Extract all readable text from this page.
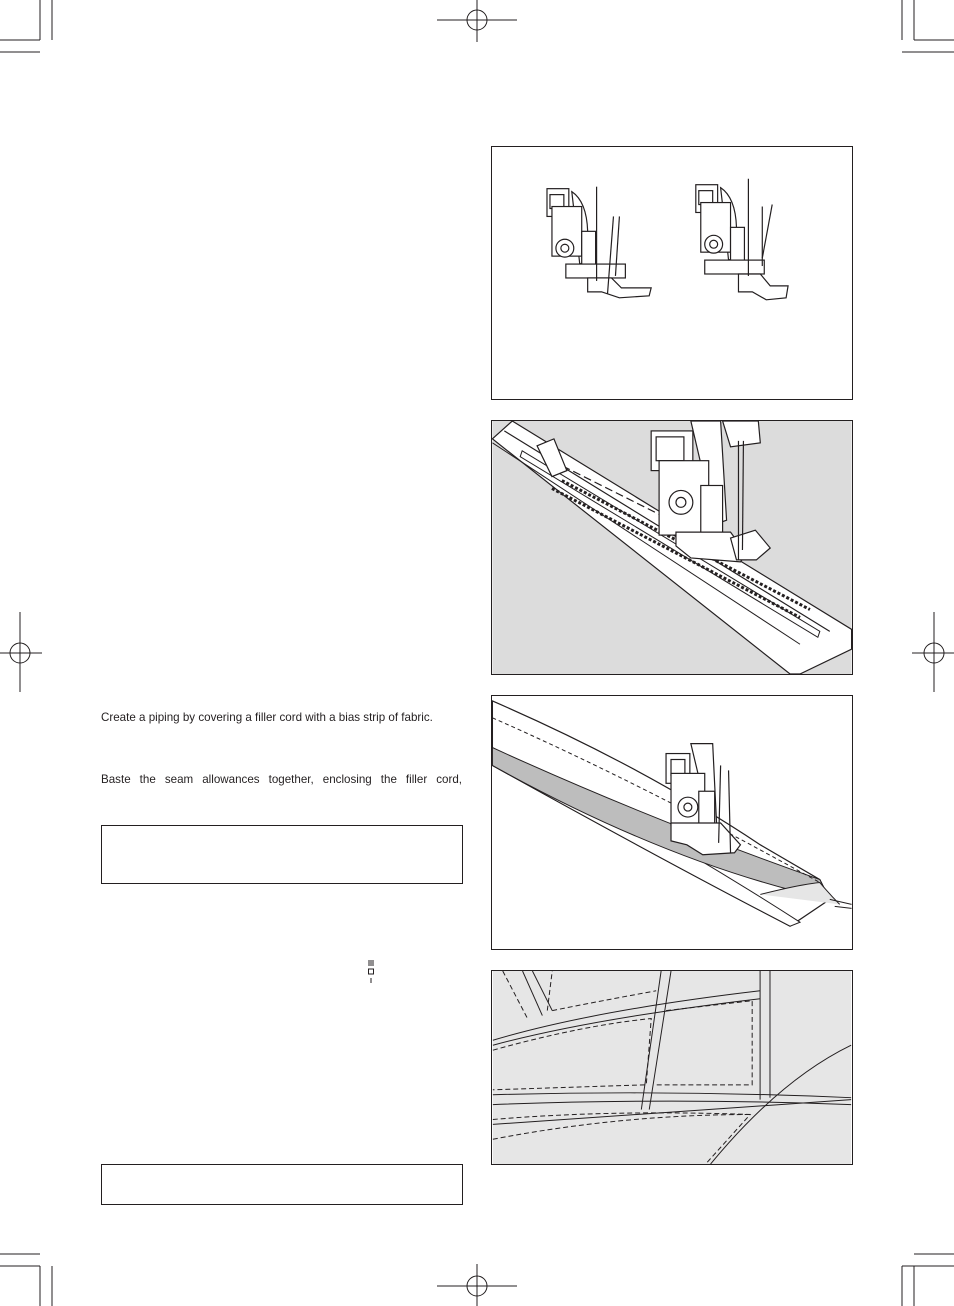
Create a piping by covering a filler cord with a bias strip of fabric.
Baste the seam allowances together, enclosing the filler cord,
